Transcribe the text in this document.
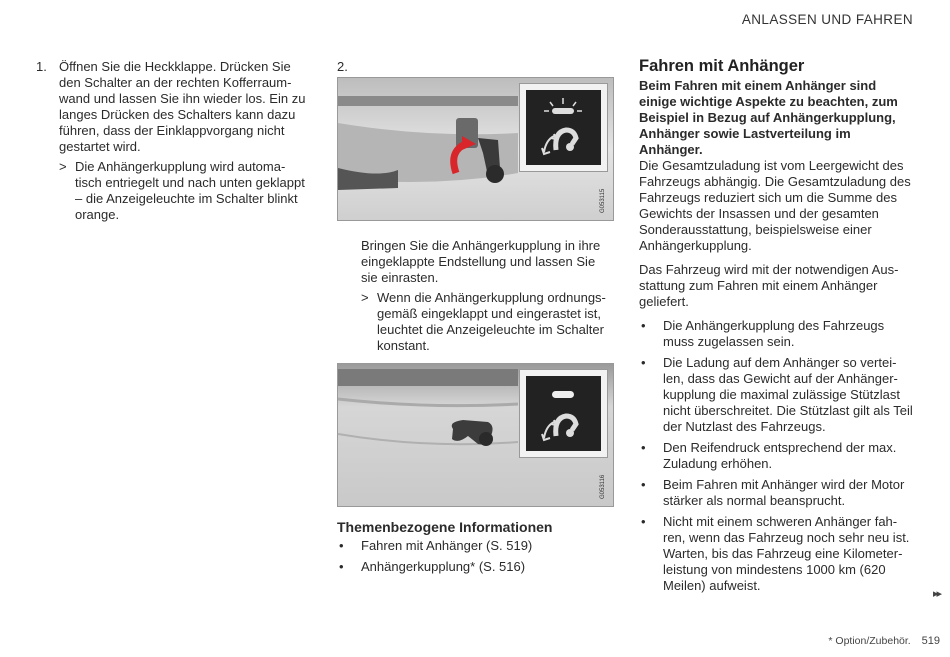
ANLASSEN UND FAHREN
1. Öffnen Sie die Heckklappe. Drücken Sie den Schalter an der rechten Kofferraum-wand und lassen Sie ihn wieder los. Ein zu langes Drücken des Schalters kann dazu führen, dass der Einklappvorgang nicht gestartet wird.
> Die Anhängerkupplung wird automa-tisch entriegelt und nach unten geklappt – die Anzeigeleuchte im Schalter blinkt orange.
2.
G053115
Bringen Sie die Anhängerkupplung in ihre eingeklappte Endstellung und lassen Sie sie einrasten.
> Wenn die Anhängerkupplung ordnungs-gemäß eingeklappt und eingerastet ist, leuchtet die Anzeigeleuchte im Schalter konstant.
G053116
Themenbezogene Informationen
• Fahren mit Anhänger (S. 519)
• Anhängerkupplung* (S. 516)
Fahren mit Anhänger
Beim Fahren mit einem Anhänger sind einige wichtige Aspekte zu beachten, zum Beispiel in Bezug auf Anhängerkupplung, Anhänger sowie Lastverteilung im Anhänger.
Die Gesamtzuladung ist vom Leergewicht des Fahrzeugs abhängig. Die Gesamtzuladung des Fahrzeugs reduziert sich um die Summe des Gewichts der Insassen und der gesamten Sonderausstattung, beispielsweise einer Anhängerkupplung.
Das Fahrzeug wird mit der notwendigen Aus-stattung zum Fahren mit einem Anhänger geliefert.
• Die Anhängerkupplung des Fahrzeugs muss zugelassen sein.
• Die Ladung auf dem Anhänger so vertei-len, dass das Gewicht auf der Anhänger-kupplung die maximal zulässige Stützlast nicht überschreitet. Die Stützlast gilt als Teil der Nutzlast des Fahrzeugs.
• Den Reifendruck entsprechend der max. Zuladung erhöhen.
• Beim Fahren mit Anhänger wird der Motor stärker als normal beansprucht.
• Nicht mit einem schweren Anhänger fah-ren, wenn das Fahrzeug noch sehr neu ist. Warten, bis das Fahrzeug eine Kilometer-leistung von mindestens 1000 km (620 Meilen) aufweist.
▸▸
* Option/Zubehör. 519
